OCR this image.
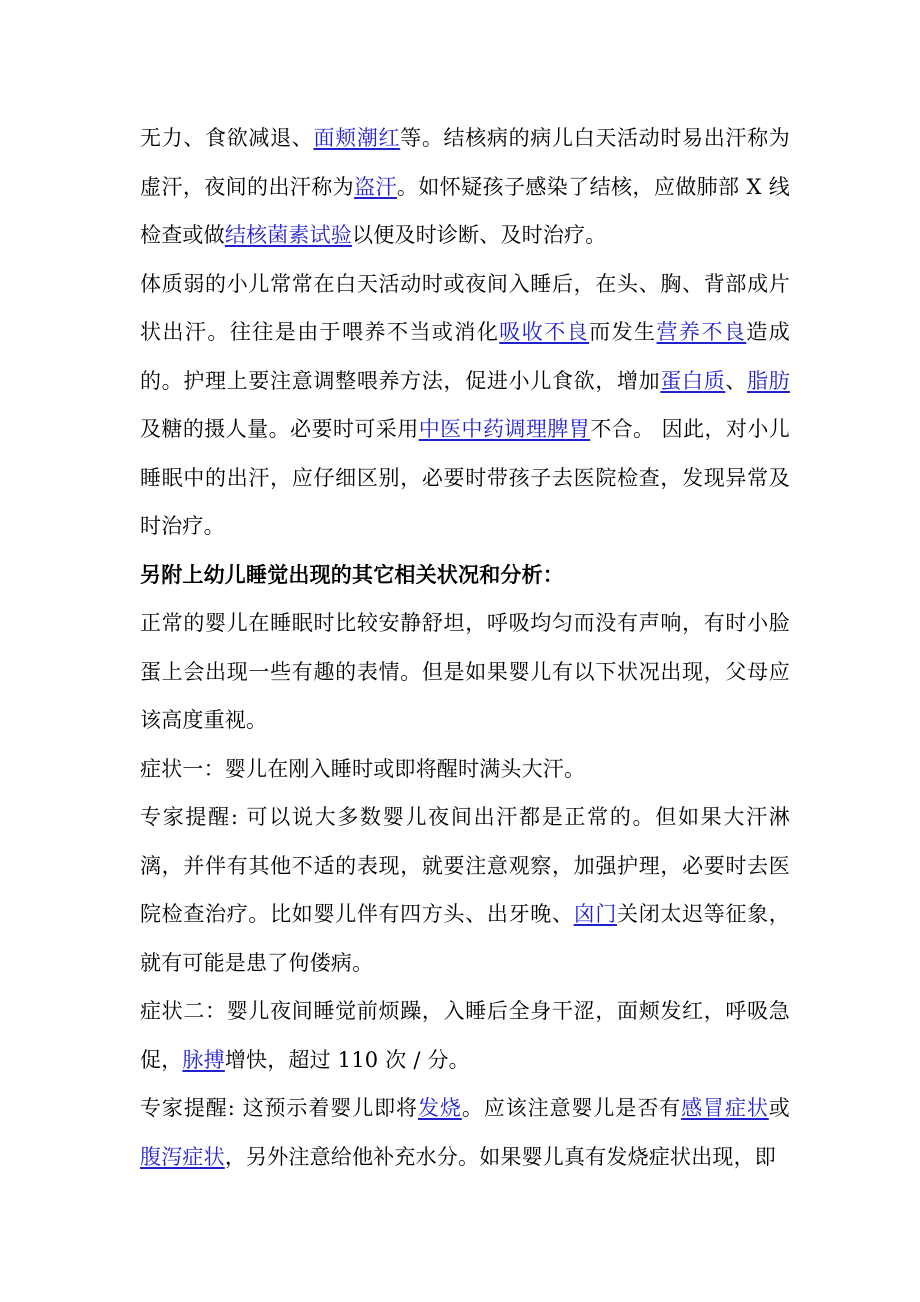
无力、食欲减退、面颊潮红等。结核病的病儿白天活动时易出汗称为虚汗，夜间的出汗称为盗汗。如怀疑孩子感染了结核，应做肺部 X 线检查或做结核菌素试验以便及时诊断、及时治疗。

体质弱的小儿常常在白天活动时或夜间入睡后，在头、胸、背部成片状出汗。往往是由于喂养不当或消化吸收不良而发生营养不良造成的。护理上要注意调整喂养方法，促进小儿食欲，增加蛋白质、脂肪及糖的摄人量。必要时可采用中医中药调理脾胃不合。 因此，对小儿睡眠中的出汗，应仔细区别，必要时带孩子去医院检查，发现异常及时治疗。

另附上幼儿睡觉出现的其它相关状况和分析：

正常的婴儿在睡眠时比较安静舒坦，呼吸均匀而没有声响，有时小脸蛋上会出现一些有趣的表情。但是如果婴儿有以下状况出现，父母应该高度重视。

症状一：婴儿在刚入睡时或即将醒时满头大汗。

专家提醒: 可以说大多数婴儿夜间出汗都是正常的。但如果大汗淋漓，并伴有其他不适的表现，就要注意观察，加强护理，必要时去医院检查治疗。比如婴儿伴有四方头、出牙晚、囟门关闭太迟等征象，就有可能是患了佝偻病。

症状二：婴儿夜间睡觉前烦躁，入睡后全身干涩，面颊发红，呼吸急促，脉搏增快，超过 110 次 / 分。

专家提醒: 这预示着婴儿即将发烧。应该注意婴儿是否有感冒症状或腹泻症状，另外注意给他补充水分。如果婴儿真有发烧症状出现，即
